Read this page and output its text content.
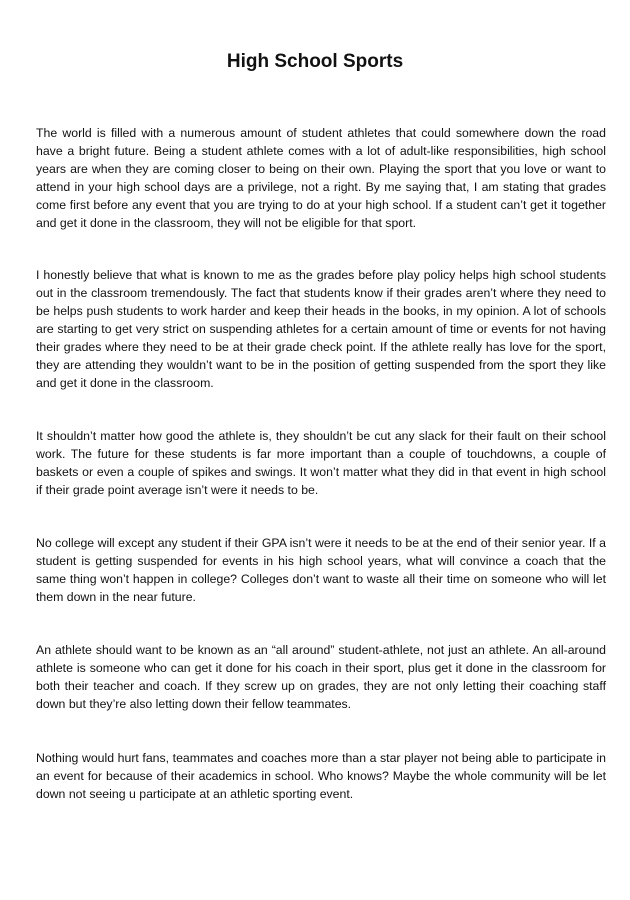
High School Sports

The world is filled with a numerous amount of student athletes that could somewhere down the road have a bright future. Being a student athlete comes with a lot of adult-like responsibilities, high school years are when they are coming closer to being on their own. Playing the sport that you love or want to attend in your high school days are a privilege, not a right. By me saying that, I am stating that grades come first before any event that you are trying to do at your high school. If a student can’t get it together and get it done in the classroom, they will not be eligible for that sport.

I honestly believe that what is known to me as the grades before play policy helps high school students out in the classroom tremendously. The fact that students know if their grades aren’t where they need to be helps push students to work harder and keep their heads in the books, in my opinion. A lot of schools are starting to get very strict on suspending athletes for a certain amount of time or events for not having their grades where they need to be at their grade check point. If the athlete really has love for the sport, they are attending they wouldn’t want to be in the position of getting suspended from the sport they like and get it done in the classroom.

It shouldn’t matter how good the athlete is, they shouldn’t be cut any slack for their fault on their school work. The future for these students is far more important than a couple of touchdowns, a couple of baskets or even a couple of spikes and swings. It won’t matter what they did in that event in high school if their grade point average isn’t were it needs to be.

No college will except any student if their GPA isn’t were it needs to be at the end of their senior year. If a student is getting suspended for events in his high school years, what will convince a coach that the same thing won’t happen in college? Colleges don’t want to waste all their time on someone who will let them down in the near future.

An athlete should want to be known as an “all around” student-athlete, not just an athlete. An all-around athlete is someone who can get it done for his coach in their sport, plus get it done in the classroom for both their teacher and coach. If they screw up on grades, they are not only letting their coaching staff down but they’re also letting down their fellow teammates.

Nothing would hurt fans, teammates and coaches more than a star player not being able to participate in an event for because of their academics in school. Who knows? Maybe the whole community will be let down not seeing u participate at an athletic sporting event.
